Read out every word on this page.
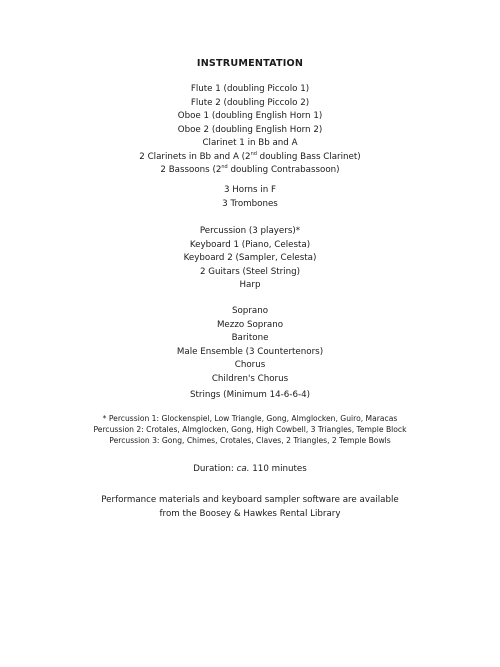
INSTRUMENTATION
Flute 1 (doubling Piccolo 1)
Flute 2 (doubling Piccolo 2)
Oboe 1 (doubling English Horn 1)
Oboe 2 (doubling English Horn 2)
Clarinet 1 in Bb and A
2 Clarinets in Bb and A (2nd doubling Bass Clarinet)
2 Bassoons (2nd doubling Contrabassoon)
3 Horns in F
3 Trombones
Percussion (3 players)*
Keyboard 1 (Piano, Celesta)
Keyboard 2 (Sampler, Celesta)
2 Guitars (Steel String)
Harp
Soprano
Mezzo Soprano
Baritone
Male Ensemble (3 Countertenors)
Chorus
Children's Chorus
Strings (Minimum 14-6-6-4)
* Percussion 1: Glockenspiel, Low Triangle, Gong, Almglocken, Guiro, Maracas
Percussion 2: Crotales, Almglocken, Gong, High Cowbell, 3 Triangles, Temple Block
Percussion 3: Gong, Chimes, Crotales, Claves, 2 Triangles, 2 Temple Bowls
Duration: ca. 110 minutes
Performance materials and keyboard sampler software are available
from the Boosey & Hawkes Rental Library
